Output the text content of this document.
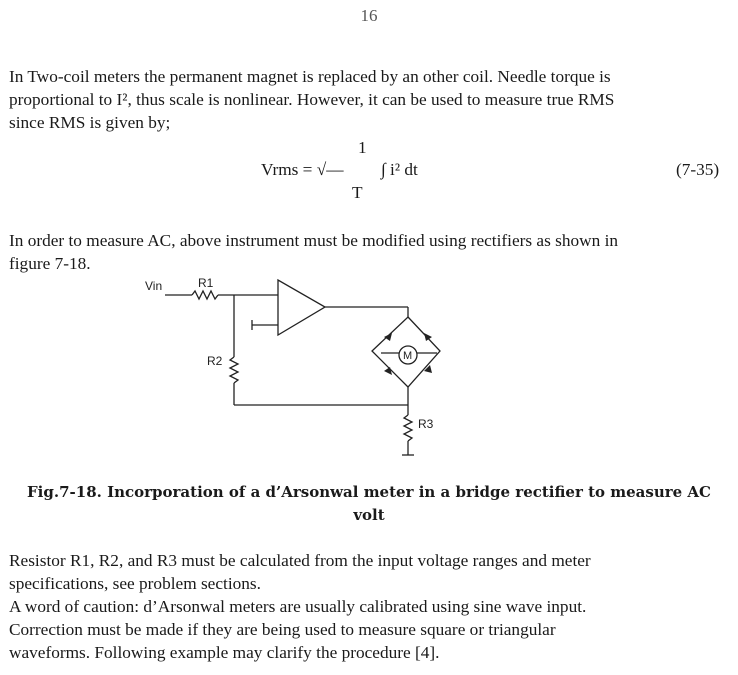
16

In Two-coil meters the permanent magnet is replaced by an other coil. Needle torque is

proportional to I², thus scale is nonlinear. However, it can be used to measure true RMS

since RMS is given by;

1
Vrms = √—
T
∫ i² dt	(7-35)

In order to measure AC, above instrument must be modified using rectifiers as shown in

figure 7-18.

Vin	R1
R2
R3
M
Fig.7-18. Incorporation of a d’Arsonwal meter in a bridge rectifier to measure AC
volt

Resistor R1, R2, and R3 must be calculated from the input voltage ranges and meter

specifications, see problem sections.

A word of caution: d’Arsonwal meters are usually calibrated using sine wave input.

Correction must be made if they are being used to measure square or triangular

waveforms. Following example may clarify the procedure [4].
